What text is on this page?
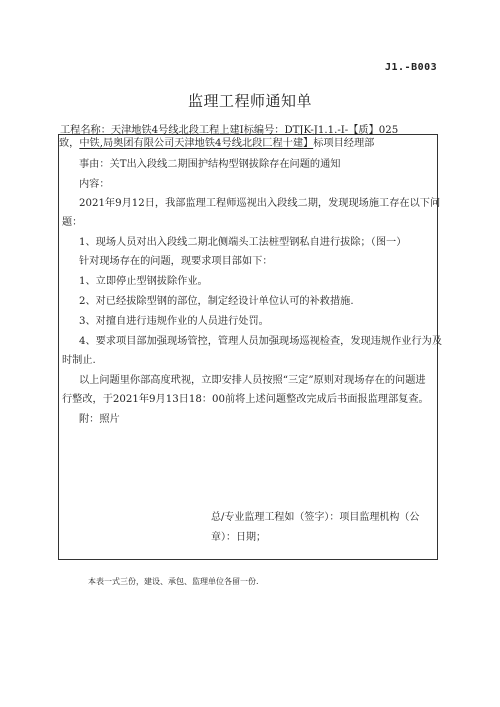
J1.-B003
监理工程师通知单
工程名称：天津地铁4号线北段工程上建I标编号：DTJK-J1.1.-I-【质】025
致，中铁,局奥团有限公司天津地铁4号线北段匚程十建】标项目经理部
事由：关T出入段线二期围护结构型钢拔除存在问题的通知
内容：
2021年9月12日，我部监理工程师巡视出入段线二期，发现现场施工存在以下问
题：
1、现场人员对出入段线二期北侧端头工法桩型钢私自进行拔除；（图一）
针对现场存在的问题，现要求项目部如下：
1、立即停止型钢拔除作业。
2、对已经拔除型钢的部位，制定经设计单位认可的补救措施.
3、对擅自进行违规作业的人员进行处罚。
4、要求项目部加强现场管控，管理人员加强现场巡视检查，发现违规作业行为及
时制止.
以上问题里你部高度玳视，立即安排人员按照“三定”原则对现场存在的问题进
行整改，于2021年9月13日18：00前将上述问题整改完成后书面报监理部复查。
附：照片
总/专业监理工程如（签字）：项目监理机构（公
章）：日期；
本表一式三份，建设、承包、监理单位各留一份.
